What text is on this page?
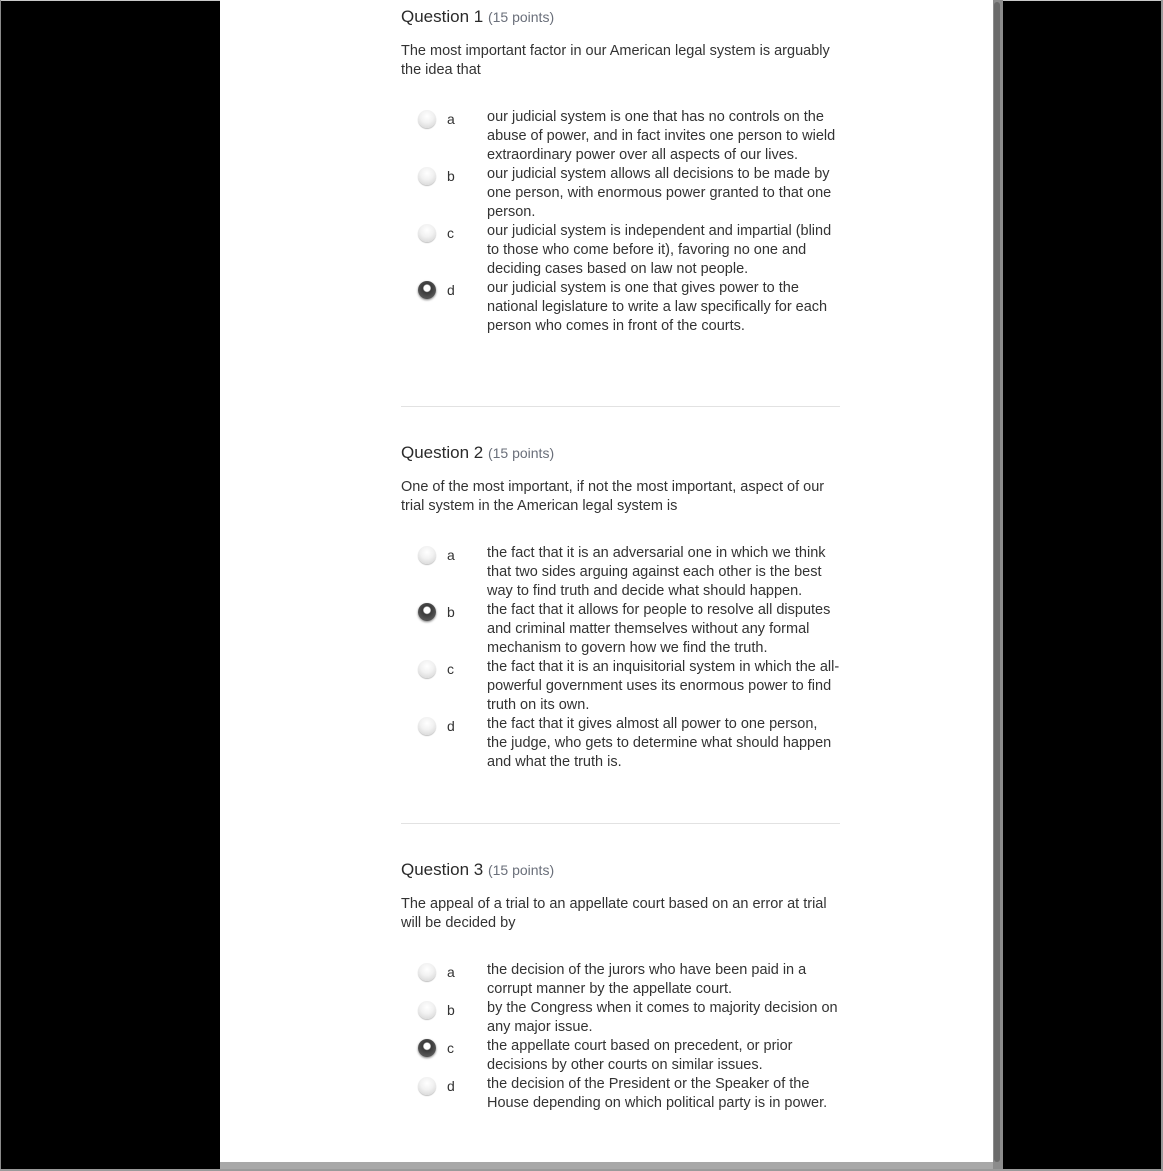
Question 1 (15 points)
The most important factor in our American legal system is arguably the idea that
a our judicial system is one that has no controls on the abuse of power, and in fact invites one person to wield extraordinary power over all aspects of our lives.
b our judicial system allows all decisions to be made by one person, with enormous power granted to that one person.
c our judicial system is independent and impartial (blind to those who come before it), favoring no one and deciding cases based on law not people.
d our judicial system is one that gives power to the national legislature to write a law specifically for each person who comes in front of the courts.
Question 2 (15 points)
One of the most important, if not the most important, aspect of our trial system in the American legal system is
a the fact that it is an adversarial one in which we think that two sides arguing against each other is the best way to find truth and decide what should happen.
b the fact that it allows for people to resolve all disputes and criminal matter themselves without any formal mechanism to govern how we find the truth.
c the fact that it is an inquisitorial system in which the all-powerful government uses its enormous power to find truth on its own.
d the fact that it gives almost all power to one person, the judge, who gets to determine what should happen and what the truth is.
Question 3 (15 points)
The appeal of a trial to an appellate court based on an error at trial will be decided by
a the decision of the jurors who have been paid in a corrupt manner by the appellate court.
b by the Congress when it comes to majority decision on any major issue.
c the appellate court based on precedent, or prior decisions by other courts on similar issues.
d the decision of the President or the Speaker of the House depending on which political party is in power.
